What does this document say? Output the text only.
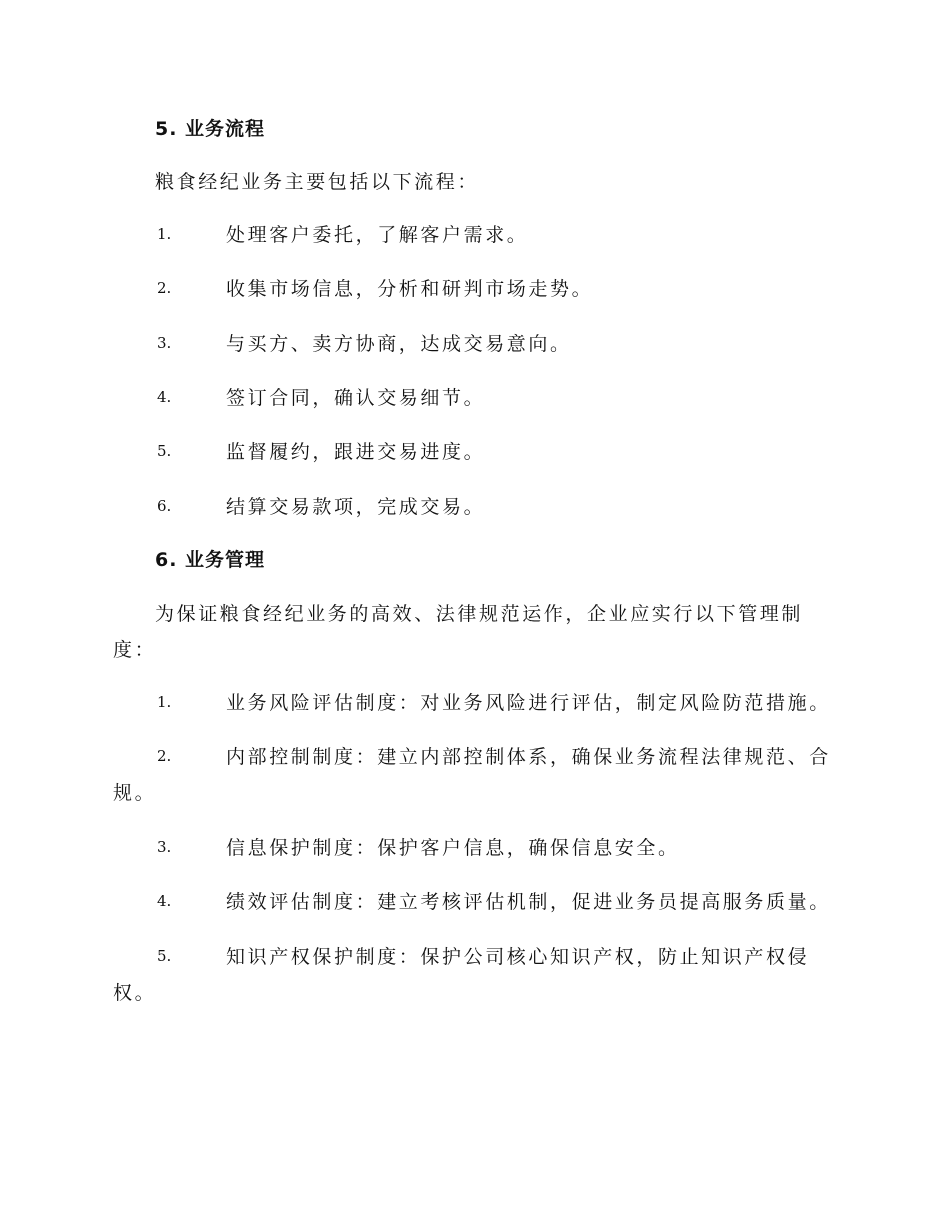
5. 业务流程
粮食经纪业务主要包括以下流程：
1.	处理客户委托，了解客户需求。
2.	收集市场信息，分析和研判市场走势。
3.	与买方、卖方协商，达成交易意向。
4.	签订合同，确认交易细节。
5.	监督履约，跟进交易进度。
6.	结算交易款项，完成交易。
6. 业务管理
为保证粮食经纪业务的高效、法律规范运作，企业应实行以下管理制
度：
1.	业务风险评估制度：对业务风险进行评估，制定风险防范措施。
2.	内部控制制度：建立内部控制体系，确保业务流程法律规范、合
规。
3.	信息保护制度：保护客户信息，确保信息安全。
4.	绩效评估制度：建立考核评估机制，促进业务员提高服务质量。
5.	知识产权保护制度：保护公司核心知识产权，防止知识产权侵
权。
